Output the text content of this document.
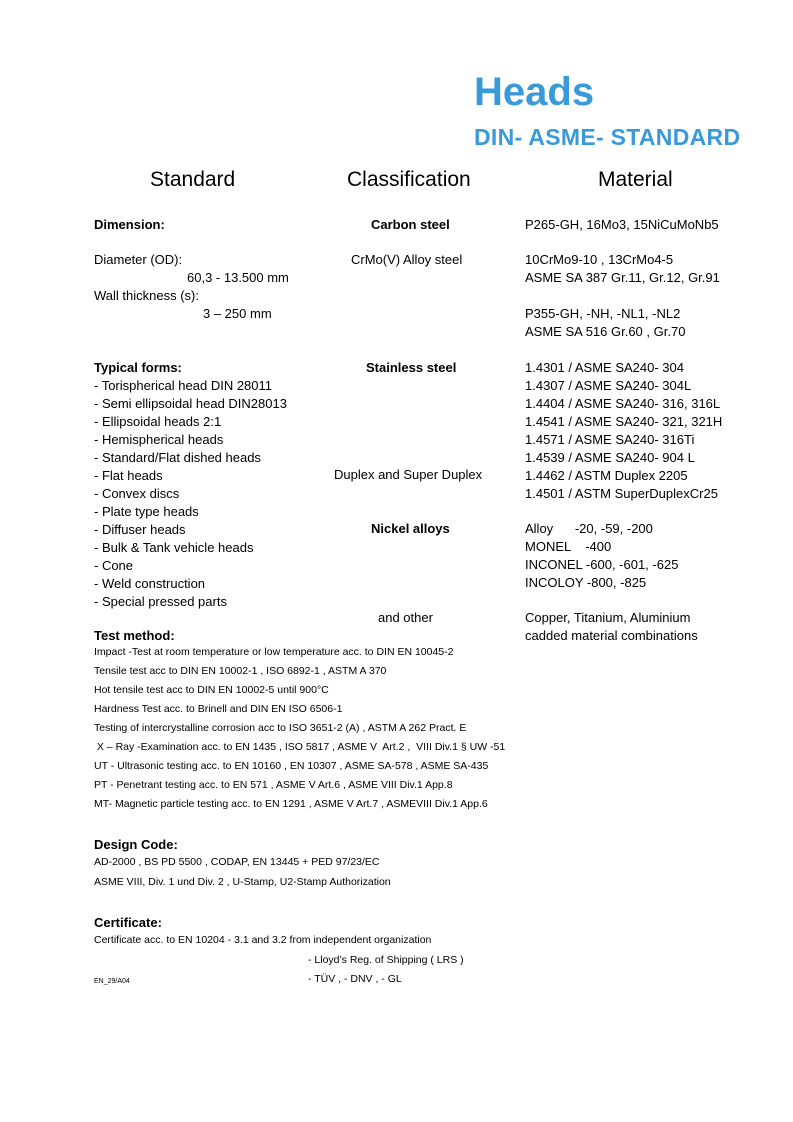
Heads
DIN- ASME- STANDARD
Standard	Classification	Material
Dimension:
Diameter (OD):
60,3 - 13.500 mm
Wall thickness (s):
3 – 250 mm
Typical forms:
- Torispherical head DIN 28011
- Semi ellipsoidal head DIN28013
- Ellipsoidal heads 2:1
- Hemispherical heads
- Standard/Flat dished heads
- Flat heads
- Convex discs
- Plate type heads
- Diffuser heads
- Bulk & Tank vehicle heads
- Cone
- Weld construction
- Special pressed parts
Carbon steel
CrMo(V) Alloy steel
Stainless steel
Duplex and Super Duplex
Nickel alloys
and other
P265-GH, 16Mo3, 15NiCuMoNb5
10CrMo9-10 , 13CrMo4-5
ASME SA 387 Gr.11, Gr.12, Gr.91
P355-GH, -NH, -NL1, -NL2
ASME SA 516 Gr.60 , Gr.70
1.4301 / ASME SA240- 304
1.4307 / ASME SA240- 304L
1.4404 / ASME SA240- 316, 316L
1.4541 / ASME SA240- 321, 321H
1.4571 / ASME SA240- 316Ti
1.4539 / ASME SA240- 904 L
1.4462 / ASTM Duplex 2205
1.4501 / ASTM SuperDuplexCr25
Alloy      -20, -59, -200
MONEL    -400
INCONEL -600, -601, -625
INCOLOY -800, -825
Copper, Titanium, Aluminium
cadded material combinations
Test method:
Impact -Test at room temperature or low temperature acc. to DIN EN 10045-2
Tensile test acc to DIN EN 10002-1 , ISO 6892-1 , ASTM A 370
Hot tensile test acc to DIN EN 10002-5 until 900°C
Hardness Test acc. to Brinell and DIN EN ISO 6506-1
Testing of intercrystalline corrosion acc to ISO 3651-2 (A) , ASTM A 262 Pract. E
X – Ray -Examination acc. to EN 1435 , ISO 5817 , ASME V  Art.2 ,  VIII Div.1 § UW -51
UT - Ultrasonic testing acc. to EN 10160 , EN 10307 , ASME SA-578 , ASME SA-435
PT - Penetrant testing acc. to EN 571 , ASME V Art.6 , ASME VIII Div.1 App.8
MT- Magnetic particle testing acc. to EN 1291 , ASME V Art.7 , ASMEVIII Div.1 App.6
Design Code:
AD-2000 , BS PD 5500 , CODAP, EN 13445 + PED 97/23/EC
ASME VIII, Div. 1 und Div. 2 , U-Stamp, U2-Stamp Authorization
Certificate:
Certificate acc. to EN 10204 - 3.1 and 3.2 from independent organization
- Lloyd’s Reg. of Shipping ( LRS )
- TÜV , - DNV , - GL
EN_29/A04
